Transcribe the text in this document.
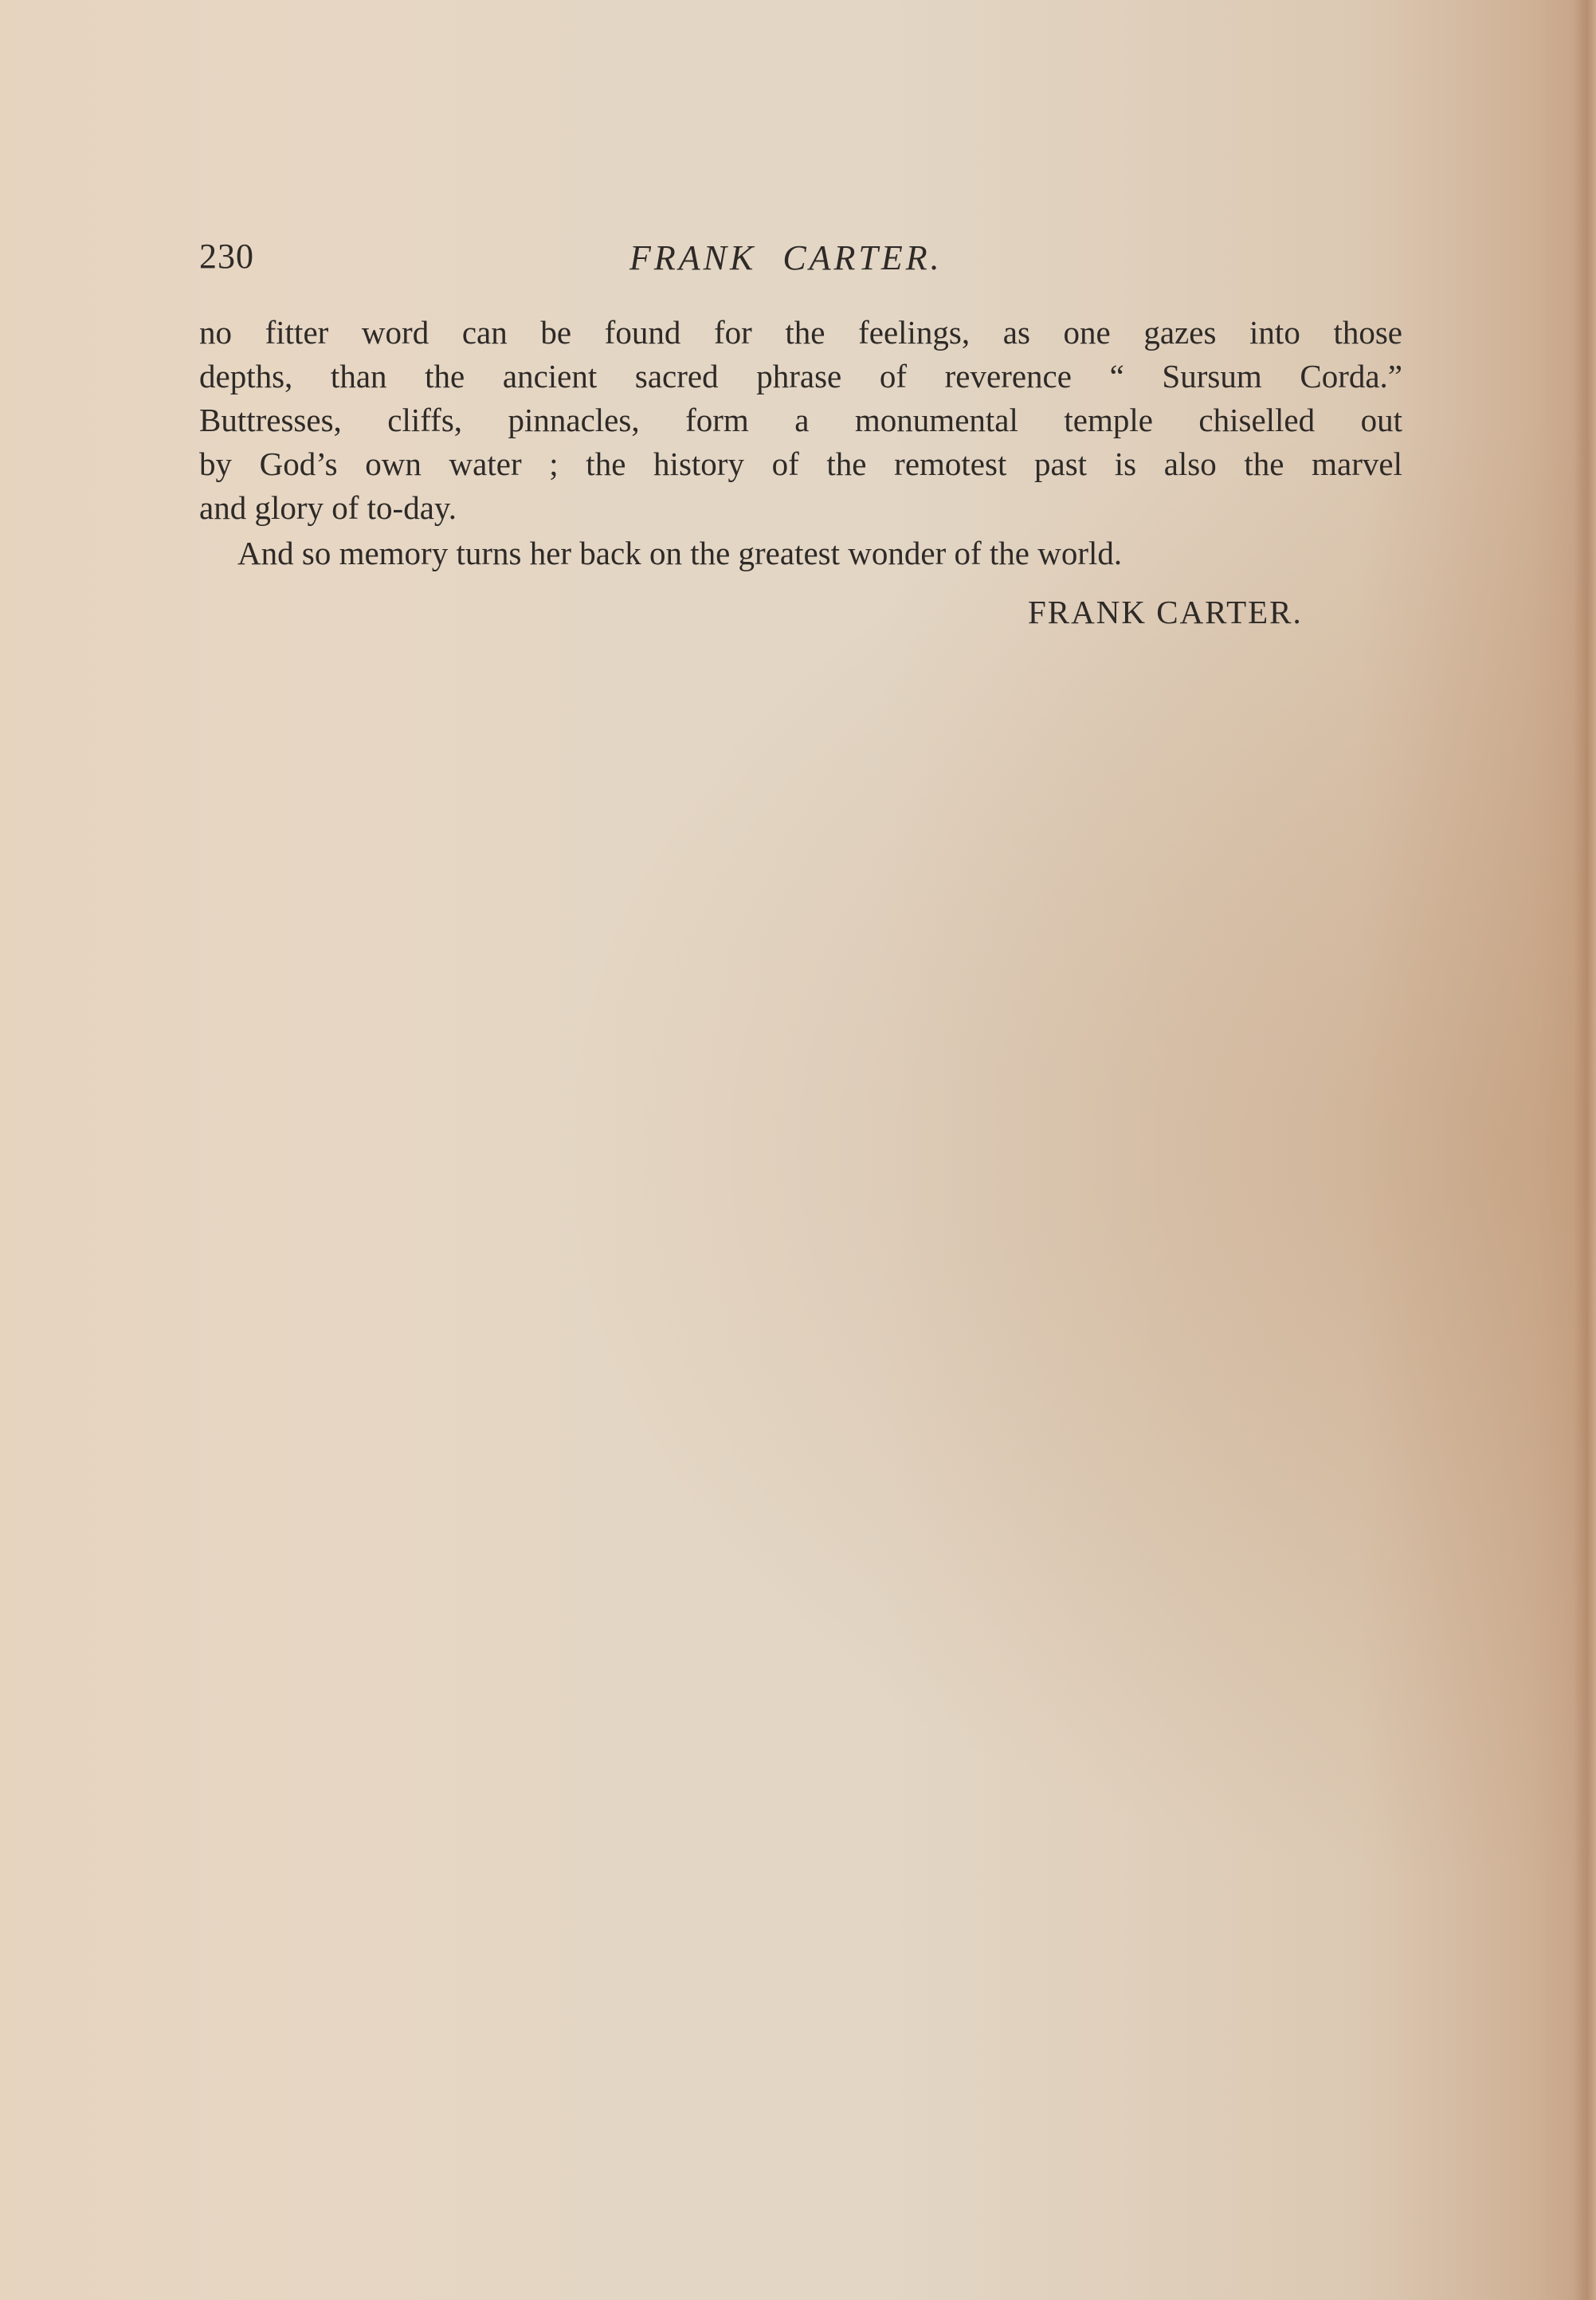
230	FRANK CARTER.
no fitter word can be found for the feelings, as one gazes into those
depths, than the ancient sacred phrase of reverence “ Sursum Corda.”
Buttresses, cliffs, pinnacles, form a monumental temple chiselled out
by God’s own water ; the history of the remotest past is also the marvel
and glory of to-day.
And so memory turns her back on the greatest wonder of the world.
FRANK CARTER.
